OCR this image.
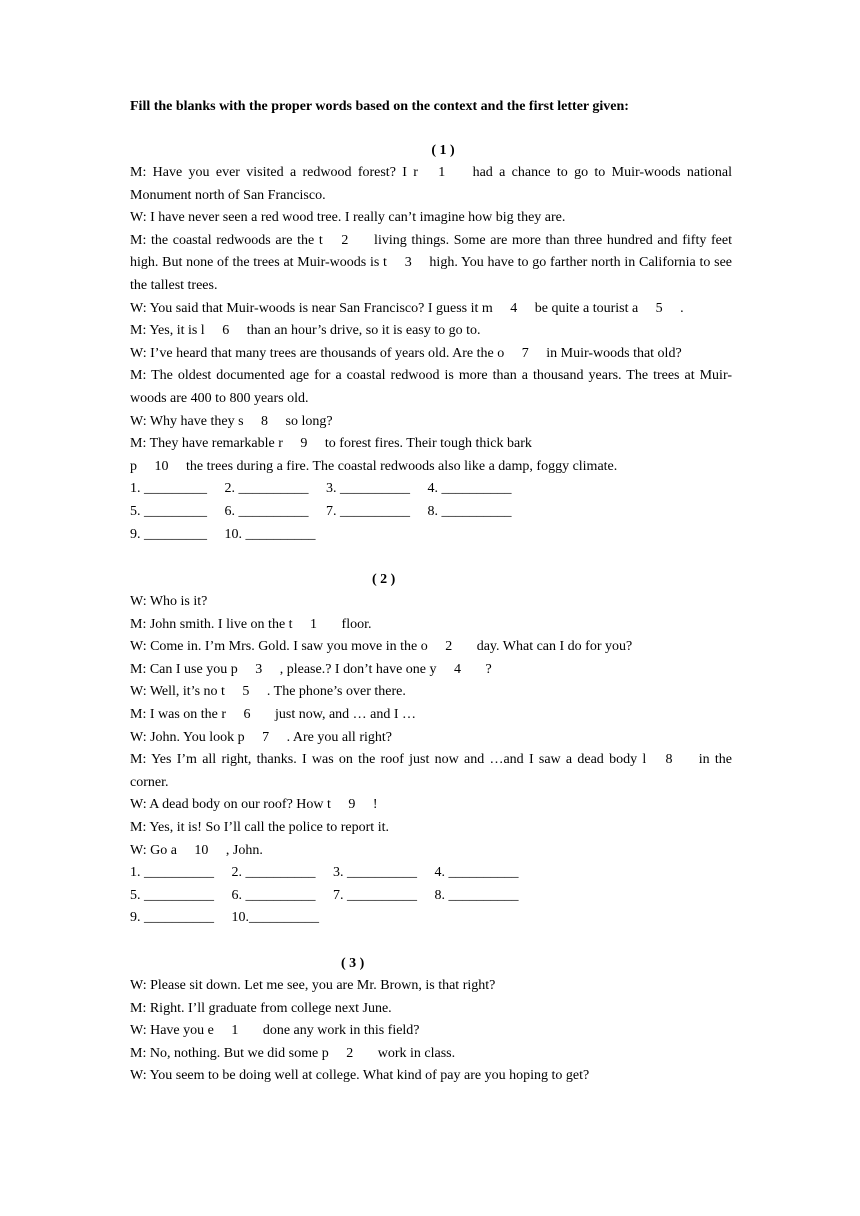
Fill the blanks with the proper words based on the context and the first letter given:
( 1 )
M: Have you ever visited a redwood forest? I r   1    had a chance to go to Muir-woods national Monument north of San Francisco.
W: I have never seen a red wood tree. I really can’t imagine how big they are.
M: the coastal redwoods are the t   2    living things. Some are more than three hundred and fifty feet high. But none of the trees at Muir-woods is t   3   high. You have to go farther north in California to see the tallest trees.
W: You said that Muir-woods is near San Francisco? I guess it m   4   be quite a tourist a   5   .
M: Yes, it is l   6   than an hour’s drive, so it is easy to go to.
W: I’ve heard that many trees are thousands of years old. Are the o   7   in Muir-woods that old?
M: The oldest documented age for a coastal redwood is more than a thousand years. The trees at Muir-woods are 400 to 800 years old.
W: Why have they s   8   so long?
M: They have remarkable r   9   to forest fires. Their tough thick bark
p   10   the trees during a fire. The coastal redwoods also like a damp, foggy climate.
1. _________   2. __________   3. __________   4. __________
5. _________   6. __________   7. __________   8. __________
9. _________   10. __________
( 2 )
W: Who is it?
M: John smith. I live on the t   1    floor.
W: Come in. I’m Mrs. Gold. I saw you move in the o   2    day. What can I do for you?
M: Can I use you p   3   , please.? I don’t have one y   4    ?
W: Well, it’s no t   5   . The phone’s over there.
M: I was on the r   6    just now, and … and I …
W: John. You look p   7   . Are you all right?
M: Yes I’m all right, thanks. I was on the roof just now and …and I saw a dead body l   8    in the corner.
W: A dead body on our roof? How t   9   !
M: Yes, it is! So I’ll call the police to report it.
W: Go a   10   , John.
1. __________   2. __________   3. __________   4. __________
5. __________   6. __________   7. __________   8. __________
9. __________   10.__________
( 3 )
W: Please sit down. Let me see, you are Mr. Brown, is that right?
M: Right. I’ll graduate from college next June.
W: Have you e   1    done any work in this field?
M: No, nothing. But we did some p   2    work in class.
W: You seem to be doing well at college. What kind of pay are you hoping to get?
